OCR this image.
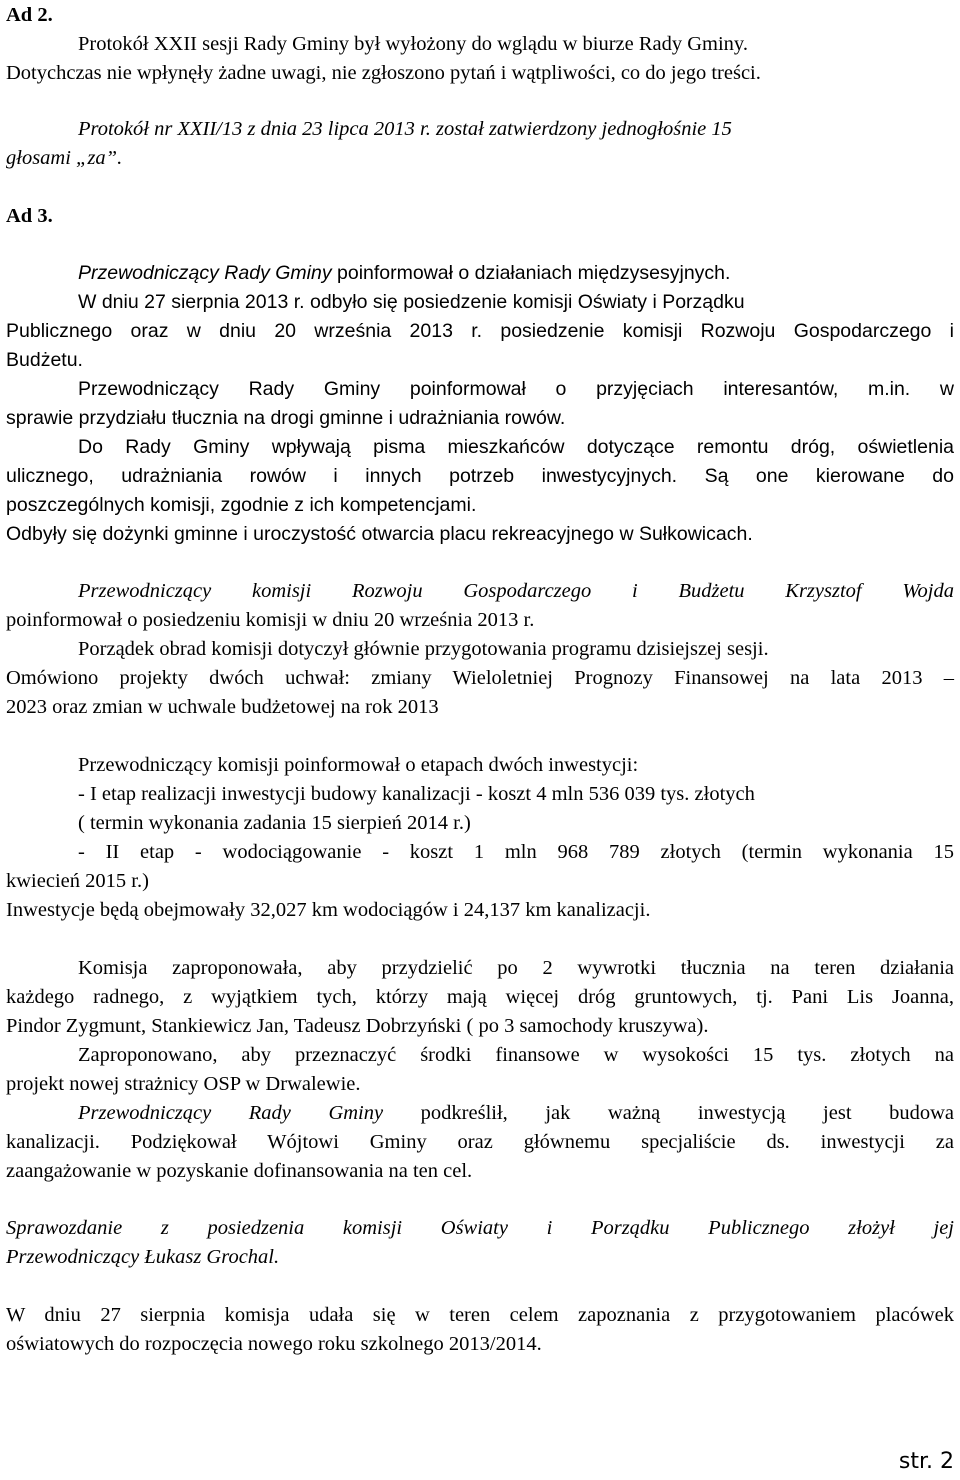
Ad 2.
Protokół XXII sesji Rady Gminy był wyłożony do wglądu w biurze Rady Gminy.
Dotychczas nie wpłynęły żadne uwagi, nie zgłoszono pytań i wątpliwości, co do jego treści.
Protokół nr XXII/13 z dnia 23 lipca 2013 r. został zatwierdzony jednogłośnie 15
głosami „za”.
Ad 3.
Przewodniczący Rady Gminy poinformował o działaniach międzysesyjnych.
W dniu 27 sierpnia 2013 r. odbyło się posiedzenie komisji Oświaty i Porządku
Publicznego oraz w dniu 20 września 2013 r. posiedzenie komisji Rozwoju Gospodarczego i
Budżetu.
Przewodniczący Rady Gminy poinformował o przyjęciach interesantów, m.in. w
sprawie przydziału tłucznia na drogi gminne i udrażniania rowów.
Do Rady Gminy wpływają pisma mieszkańców dotyczące remontu dróg, oświetlenia
ulicznego, udrażniania rowów i innych potrzeb inwestycyjnych. Są one kierowane do
poszczególnych komisji, zgodnie z ich kompetencjami.
Odbyły się dożynki gminne i uroczystość otwarcia placu rekreacyjnego w Sułkowicach.
Przewodniczący komisji Rozwoju Gospodarczego i Budżetu Krzysztof Wojda
poinformował o posiedzeniu komisji w dniu 20 września 2013 r.
Porządek obrad komisji dotyczył głównie przygotowania programu dzisiejszej sesji.
Omówiono projekty dwóch uchwał: zmiany Wieloletniej Prognozy Finansowej na lata 2013 –
2023 oraz zmian w uchwale budżetowej na rok 2013
Przewodniczący komisji poinformował o etapach dwóch inwestycji:
- I etap realizacji inwestycji budowy kanalizacji - koszt 4 mln 536 039 tys. złotych
( termin wykonania zadania 15 sierpień 2014 r.)
- II etap - wodociągowanie - koszt 1 mln 968 789 złotych (termin wykonania 15
kwiecień 2015 r.)
Inwestycje będą obejmowały 32,027 km wodociągów i 24,137 km kanalizacji.
Komisja zaproponowała, aby przydzielić po 2 wywrotki tłucznia na teren działania
każdego radnego, z wyjątkiem tych, którzy mają więcej dróg gruntowych, tj. Pani Lis Joanna,
Pindor Zygmunt, Stankiewicz Jan, Tadeusz Dobrzyński ( po 3 samochody kruszywa).
Zaproponowano, aby przeznaczyć środki finansowe w wysokości 15 tys. złotych na
projekt nowej strażnicy OSP w Drwalewie.
Przewodniczący Rady Gminy podkreślił, jak ważną inwestycją jest budowa
kanalizacji. Podziękował Wójtowi Gminy oraz głównemu specjaliście ds. inwestycji za
zaangażowanie w pozyskanie dofinansowania na ten cel.
Sprawozdanie z posiedzenia komisji Oświaty i Porządku Publicznego złożył jej
Przewodniczący Łukasz Grochal.
W dniu 27 sierpnia komisja udała się w teren celem zapoznania z przygotowaniem placówek
oświatowych do rozpoczęcia nowego roku szkolnego 2013/2014.
str. 2
